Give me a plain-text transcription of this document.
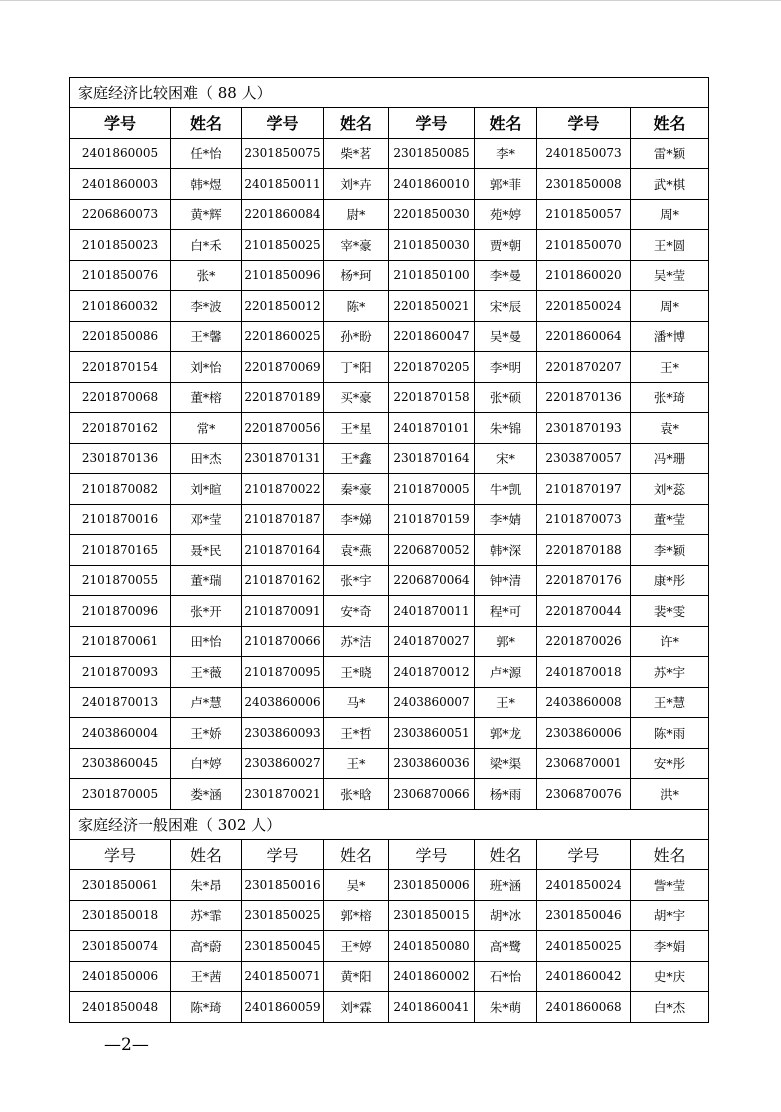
家庭经济比较困难（ 88 人）							
学号	姓名	学号	姓名	学号	姓名	学号	姓名
2401860005	任*怡	2301850075	柴*茗	2301850085	李*	2401850073	雷*颖
2401860003	韩*煜	2401850011	刘*卉	2401860010	郭*菲	2301850008	武*棋
2206860073	黄*辉	2201860084	尉*	2201850030	苑*婷	2101850057	周*
2101850023	白*禾	2101850025	宰*豪	2101850030	贾*朝	2101850070	王*圆
2101850076	张*	2101850096	杨*珂	2101850100	李*曼	2101860020	吴*莹
2101860032	李*波	2201850012	陈*	2201850021	宋*辰	2201850024	周*
2201850086	王*馨	2201860025	孙*盼	2201860047	吴*曼	2201860064	潘*博
2201870154	刘*怡	2201870069	丁*阳	2201870205	李*明	2201870207	王*
2201870068	董*榕	2201870189	买*豪	2201870158	张*硕	2201870136	张*琦
2201870162	常*	2201870056	王*星	2401870101	朱*锦	2301870193	袁*
2301870136	田*杰	2301870131	王*鑫	2301870164	宋*	2303870057	冯*珊
2101870082	刘*暄	2101870022	秦*豪	2101870005	牛*凯	2101870197	刘*蕊
2101870016	邓*莹	2101870187	李*娣	2101870159	李*婧	2101870073	董*莹
2101870165	聂*民	2101870164	袁*燕	2206870052	韩*深	2201870188	李*颖
2101870055	董*瑞	2101870162	张*宇	2206870064	钟*清	2201870176	康*彤
2101870096	张*开	2101870091	安*奇	2401870011	程*可	2201870044	裴*雯
2101870061	田*怡	2101870066	苏*洁	2401870027	郭*	2201870026	许*
2101870093	王*薇	2101870095	王*晓	2401870012	卢*源	2401870018	苏*宇
2401870013	卢*慧	2403860006	马*	2403860007	王*	2403860008	王*慧
2403860004	王*娇	2303860093	王*哲	2303860051	郭*龙	2303860006	陈*雨
2303860045	白*婷	2303860027	王*	2303860036	梁*渠	2306870001	安*彤
2301870005	娄*涵	2301870021	张*晗	2306870066	杨*雨	2306870076	洪*
家庭经济一般困难（ 302 人）							
学号	姓名	学号	姓名	学号	姓名	学号	姓名
2301850061	朱*昂	2301850016	吴*	2301850006	班*涵	2401850024	訾*莹
2301850018	苏*霏	2301850025	郭*榕	2301850015	胡*冰	2301850046	胡*宇
2301850074	高*蔚	2301850045	王*婷	2401850080	高*鹭	2401850025	李*娟
2401850006	王*茜	2401850071	黄*阳	2401860002	石*怡	2401860042	史*庆
2401850048	陈*琦	2401860059	刘*霖	2401860041	朱*萌	2401860068	白*杰
—2—
